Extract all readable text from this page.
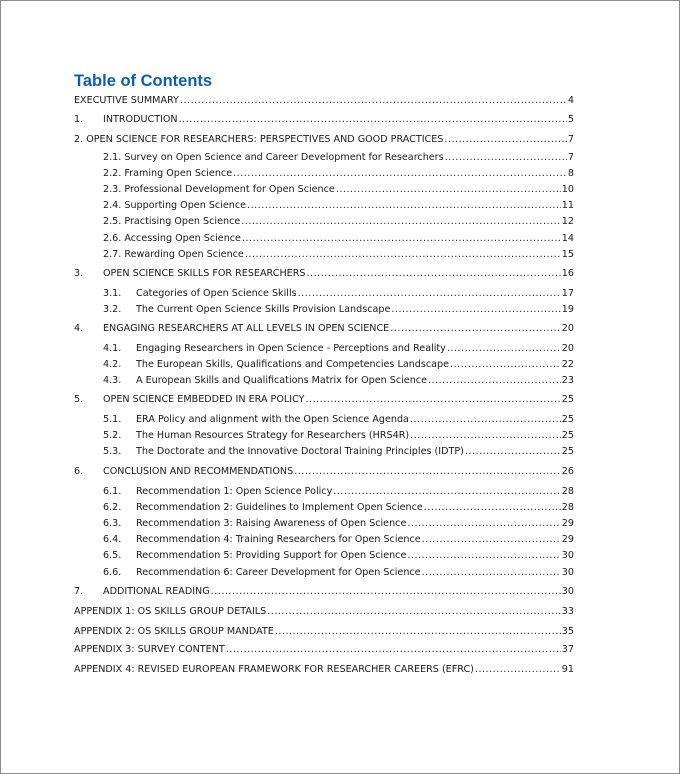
Table of Contents
EXECUTIVE SUMMARY .....	4
1.	INTRODUCTION .....	5
2. OPEN SCIENCE FOR RESEARCHERS: PERSPECTIVES AND GOOD PRACTICES .....	7
2.1. Survey on Open Science and Career Development for Researchers .....	7
2.2. Framing Open Science .....	8
2.3. Professional Development for Open Science .....	10
2.4. Supporting Open Science .....	11
2.5. Practising Open Science .....	12
2.6. Accessing Open Science .....	14
2.7. Rewarding Open Science .....	15
3.	OPEN SCIENCE SKILLS FOR RESEARCHERS .....	16
3.1.	Categories of Open Science Skills .....	17
3.2.	The Current Open Science Skills Provision Landscape .....	19
4.	ENGAGING RESEARCHERS AT ALL LEVELS IN OPEN SCIENCE .....	20
4.1.	Engaging Researchers in Open Science - Perceptions and Reality .....	20
4.2.	The European Skills, Qualifications and Competencies Landscape .....	22
4.3.	A European Skills and Qualifications Matrix for Open Science .....	23
5.	OPEN SCIENCE EMBEDDED IN ERA POLICY .....	25
5.1.	ERA Policy and alignment with the Open Science Agenda .....	25
5.2.	The Human Resources Strategy for Researchers (HRS4R) .....	25
5.3.	The Doctorate and the Innovative Doctoral Training Principles (IDTP) .....	25
6.	CONCLUSION AND RECOMMENDATIONS .....	26
6.1.	Recommendation 1: Open Science Policy .....	28
6.2.	Recommendation 2: Guidelines to Implement Open Science .....	28
6.3.	Recommendation 3: Raising Awareness of Open Science .....	29
6.4.	Recommendation 4: Training Researchers for Open Science .....	29
6.5.	Recommendation 5: Providing Support for Open Science .....	30
6.6.	Recommendation 6: Career Development for Open Science .....	30
7.	ADDITIONAL READING .....	30
APPENDIX 1: OS SKILLS GROUP DETAILS .....	33
APPENDIX 2: OS SKILLS GROUP MANDATE .....	35
APPENDIX 3: SURVEY CONTENT .....	37
APPENDIX 4: REVISED EUROPEAN FRAMEWORK FOR RESEARCHER CAREERS (EFRC) .....	91
